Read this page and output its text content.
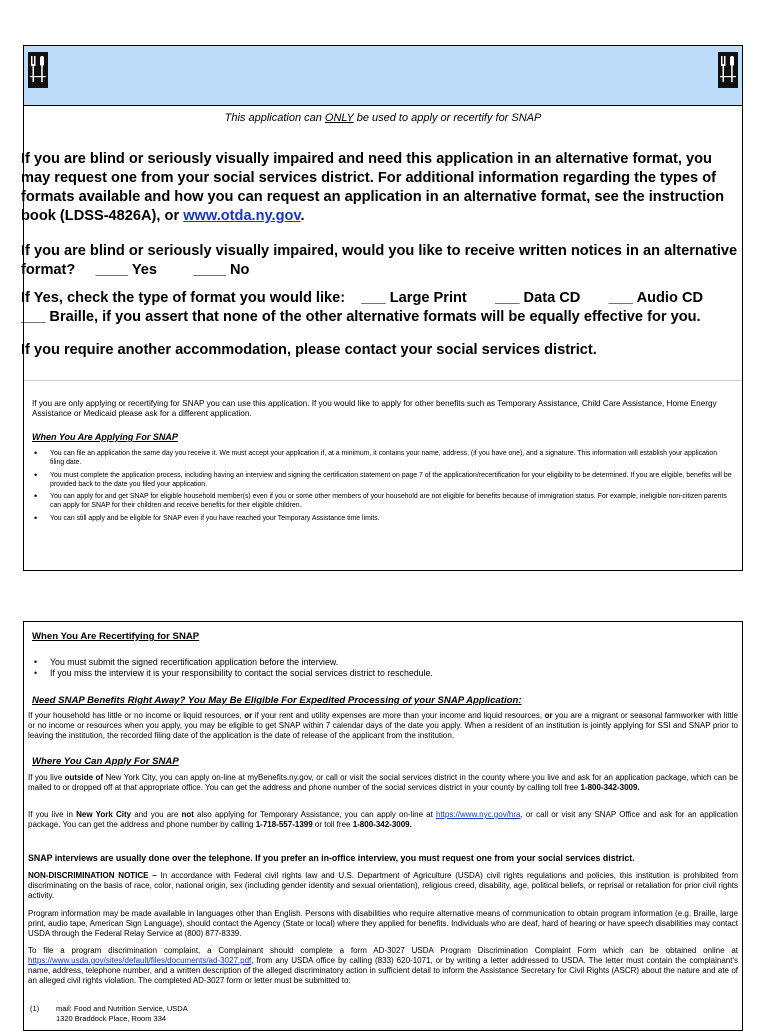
This application can ONLY be used to apply or recertify for SNAP
If you are blind or seriously visually impaired and need this application in an alternative format, you may request one from your social services district. For additional information regarding the types of formats available and how you can request an application in an alternative format, see the instruction book (LDSS-4826A), or www.otda.ny.gov.
If you are blind or seriously visually impaired, would you like to receive written notices in an alternative
format?     ____ Yes         ____ No
If Yes, check the type of format you would like:    ___ Large Print       ___ Data CD       ___ Audio CD
___ Braille, if you assert that none of the other alternative formats will be equally effective for you.
If you require another accommodation, please contact your social services district.
If you are only applying or recertifying for SNAP you can use this application. If you would like to apply for other benefits such as Temporary Assistance, Child Care Assistance, Home Energy Assistance or Medicaid please ask for a different application.
When You Are Applying For SNAP
• You can file an application the same day you receive it. We must accept your application if, at a minimum, it contains your name, address, (if you have one), and a signature. This information will establish your application filing date.
• You must complete the application process, including having an interview and signing the certification statement on page 7 of the application/recertification for your eligibility to be determined. If you are eligible, benefits will be provided back to the date you filed your application.
• You can apply for and get SNAP for eligible household member(s) even if you or some other members of your household are not eligible for benefits because of immigration status. For example, ineligible non-citizen parents can apply for SNAP for their children and receive benefits for their eligible children.
• You can still apply and be eligible for SNAP even if you have reached your Temporary Assistance time limits.
When You Are Recertifying for SNAP
• You must submit the signed recertification application before the interview.
• If you miss the interview it is your responsibility to contact the social services district to reschedule.
Need SNAP Benefits Right Away? You May Be Eligible For Expedited Processing of your SNAP Application:
If your household has little or no income or liquid resources, or if your rent and utility expenses are more than your income and liquid resources, or you are a migrant or seasonal farmworker with little or no income or resources when you apply, you may be eligible to get SNAP within 7 calendar days of the date you apply. When a resident of an institution is jointly applying for SSI and SNAP prior to leaving the institution, the recorded filing date of the application is the date of release of the applicant from the institution.
Where You Can Apply For SNAP
If you live outside of New York City, you can apply on-line at myBenefits.ny.gov, or call or visit the social services district in the county where you live and ask for an application package, which can be mailed to or dropped off at that appropriate office. You can get the address and phone number of the social services district in your county by calling toll free 1-800-342-3009.
If you live in New York City and you are not also applying for Temporary Assistance, you can apply on-line at https://www.nyc.gov/hra, or call or visit any SNAP Office and ask for an application package. You can get the address and phone number by calling 1-718-557-1399 or toll free 1-800-342-3009.
SNAP interviews are usually done over the telephone. If you prefer an in-office interview, you must request one from your social services district.
NON-DISCRIMINATION NOTICE – In accordance with Federal civil rights law and U.S. Department of Agriculture (USDA) civil rights regulations and policies, this institution is prohibited from discriminating on the basis of race, color, national origin, sex (including gender identity and sexual orientation), religious creed, disability, age, political beliefs, or reprisal or retaliation for prior civil rights activity.
Program information may be made available in languages other than English. Persons with disabilities who require alternative means of communication to obtain program information (e.g. Braille, large print, audio tape, American Sign Language), should contact the Agency (State or local) where they applied for benefits. Individuals who are deaf, hard of hearing or have speech disabilities may contact USDA through the Federal Relay Service at (800) 877-8339.
To file a program discrimination complaint, a Complainant should complete a form AD-3027 USDA Program Discrimination Complaint Form which can be obtained online at https://www.usda.gov/sites/default/files/documents/ad-3027.pdf, from any USDA office by calling (833) 620-1071, or by writing a letter addressed to USDA. The letter must contain the complainant's name, address, telephone number, and a written description of the alleged discriminatory action in sufficient detail to inform the Assistance Secretary for Civil Rights (ASCR) about the nature and ate of an alleged civil rights violation. The completed AD-3027 form or letter must be submitted to:
(1) mail: Food and Nutrition Service, USDA
1320 Braddock Place, Room 334
